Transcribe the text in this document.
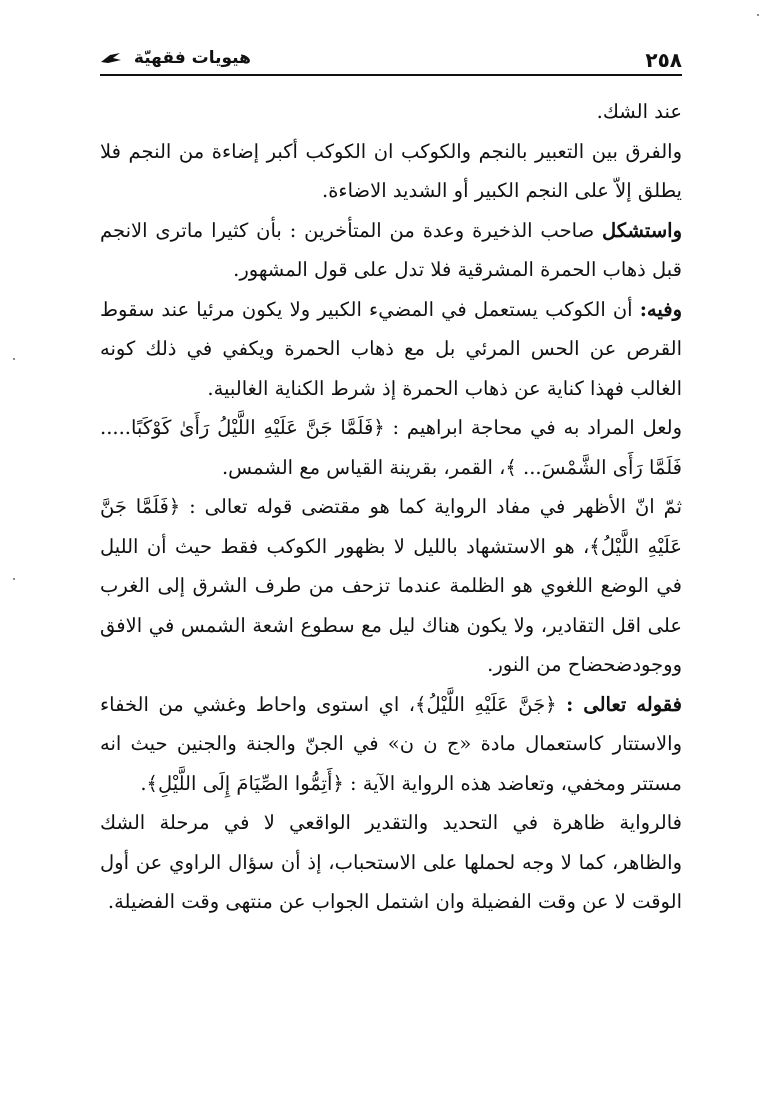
٢٥٨
هيويات فقهيّة

عند الشك.

والفرق بين التعبير بالنجم والكوكب ان الكوكب أكبر إضاءة من النجم فلا يطلق إلاّ على النجم الكبير أو الشديد الاضاءة.

واستشكل صاحب الذخيرة وعدة من المتأخرين : بأن كثيرا ماترى الانجم قبل ذهاب الحمرة المشرقية فلا تدل على قول المشهور.

وفيه: أن الكوكب يستعمل في المضيء الكبير ولا يكون مرئيا عند سقوط القرص عن الحس المرئي بل مع ذهاب الحمرة ويكفي في ذلك كونه الغالب فهذا كناية عن ذهاب الحمرة إذ شرط الكناية الغالبية.

ولعل المراد به في محاجة ابراهيم : ﴿فَلَمَّا جَنَّ عَلَيْهِ اللَّيْلُ رَأَىٰ كَوْكَبًا..... فَلَمَّا رَأَى الشَّمْسَ... ﴾، القمر، بقرينة القياس مع الشمس.

ثمّ انّ الأظهر في مفاد الرواية كما هو مقتضى قوله تعالى : ﴿فَلَمَّا جَنَّ عَلَيْهِ اللَّيْلُ﴾، هو الاستشهاد بالليل لا بظهور الكوكب فقط حيث أن الليل في الوضع اللغوي هو الظلمة عندما تزحف من طرف الشرق إلى الغرب على اقل التقادير، ولا يكون هناك ليل مع سطوع اشعة الشمس في الافق ووجودضحضاح من النور.

فقوله تعالى : ﴿جَنَّ عَلَيْهِ اللَّيْلُ﴾، اي استوى واحاط وغشي من الخفاء والاستتار كاستعمال مادة «ج ن ن» في الجنّ والجنة والجنين حيث انه مستتر ومخفي، وتعاضد هذه الرواية الآية : ﴿أَتِمُّوا الصِّيَامَ إِلَى اللَّيْلِ﴾.

فالرواية ظاهرة في التحديد والتقدير الواقعي لا في مرحلة الشك والظاهر، كما لا وجه لحملها على الاستحباب، إذ أن سؤال الراوي عن أول الوقت لا عن وقت الفضيلة وان اشتمل الجواب عن منتهى وقت الفضيلة.
